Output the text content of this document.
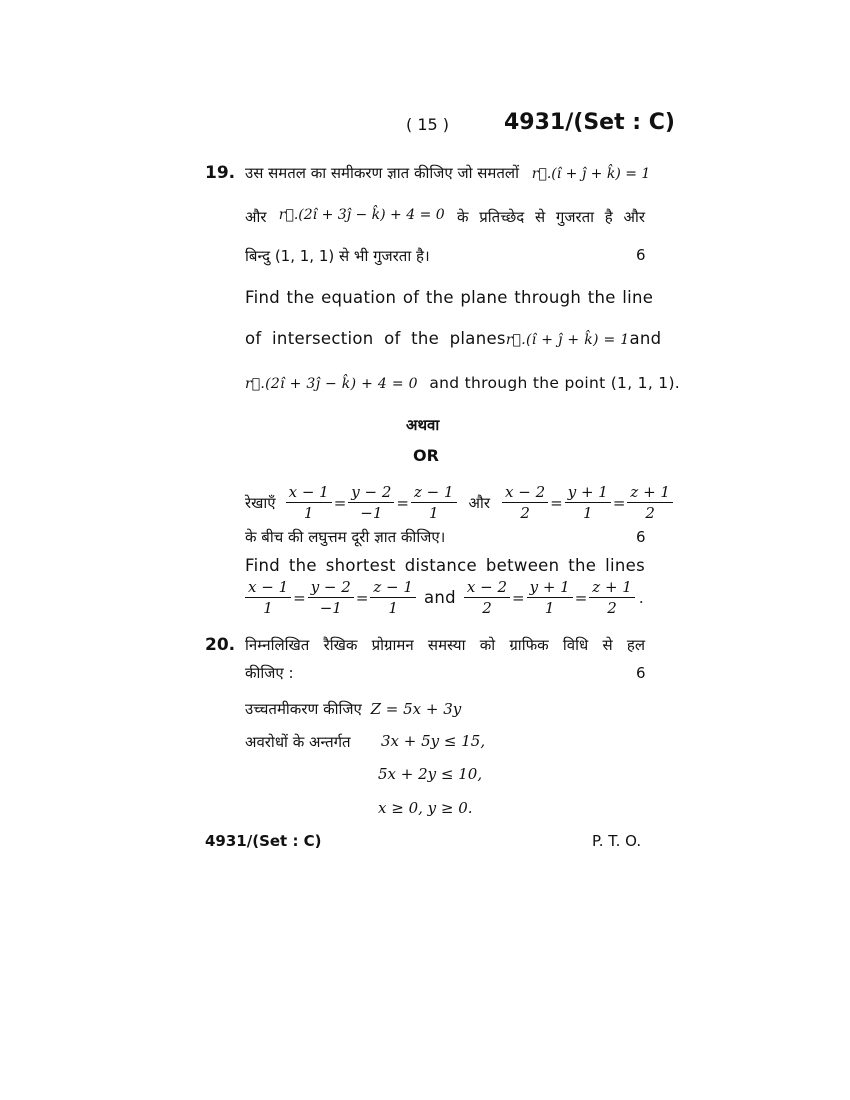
( 15 ) 4931/(Set : C)
19. उस समतल का समीकरण ज्ञात कीजिए जो समतलों r⃗.(î + ĵ + k̂) = 1
और r⃗.(2î + 3ĵ − k̂) + 4 = 0 के प्रतिच्छेद से गुजरता है और
बिन्दु (1, 1, 1) से भी गुजरता है।	6
Find the equation of the plane through the line
of intersection of the planes r⃗.(î + ĵ + k̂) = 1 and
r⃗.(2î + 3ĵ − k̂) + 4 = 0 and through the point (1, 1, 1).
अथवा
OR
रेखाएँ $\frac{x - 1}{1} = \frac{y - 2}{-1} = \frac{z - 1}{1}$ और $\frac{x - 2}{2} = \frac{y + 1}{1} = \frac{z + 1}{2}$
के बीच की लघुत्तम दूरी ज्ञात कीजिए।	6
Find the shortest distance between the lines
$\frac{x - 1}{1} = \frac{y - 2}{-1} = \frac{z - 1}{1}$ and $\frac{x - 2}{2} = \frac{y + 1}{1} = \frac{z + 1}{2}$ .
20. निम्नलिखित रैखिक प्रोग्रामन समस्या को ग्राफिक विधि से हल
कीजिए :	6
उच्चतमीकरण कीजिए Z = 5x + 3y
अवरोधों के अन्तर्गत 3x + 5y ≤ 15,
5x + 2y ≤ 10,
x ≥ 0, y ≥ 0.
4931/(Set : C)	P. T. O.
